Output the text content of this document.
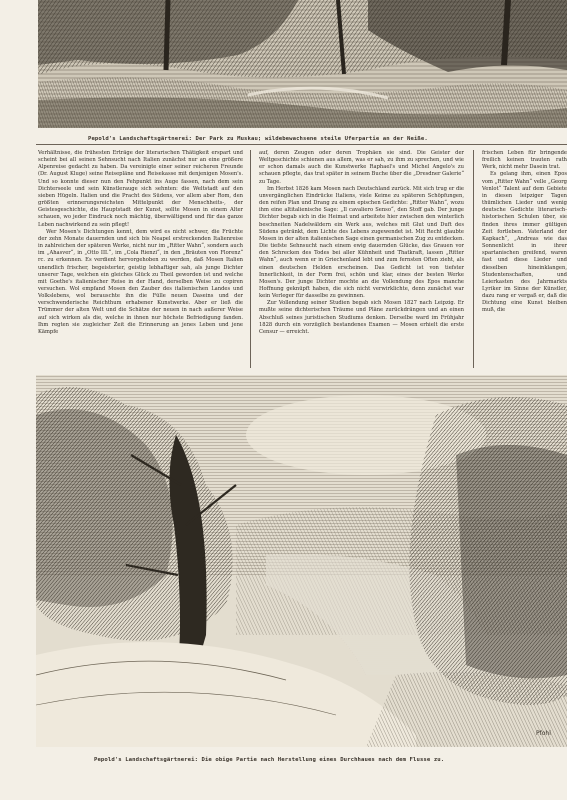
Pepold's Landschaftsgärtnerei: Der Park zu Muskau; wildebewachsene steile Uferpartie an der Neiße.

Verhältnisse, die frühesten Erträge der literarischen Thätigkeit erspart und scheint bei all seinen Sehnsucht nach Italien zunächst nur an eine größere Alpenreise gedacht zu haben. Da vereinigte einer seiner reicheren Freunde (Dr. August Kluge) seine Reisepläne und Reisekasse mit denjenigen Mosen's. Und so konnte dieser nun den Fehpunkt ins Auge fassen, nach dem sein Dichterseele und sein Künstlerauge sich sehnten: die Weltstadt auf den sieben Hügeln. Italien und die Pracht des Südens, vor allem aber Rom, den größten erinnerungsreichsten Mittelpunkt der Menschheits-, der Geistesgeschichte, die Hauptstadt der Kunst, sollte Mosen in einem Alter schauen, wo jeder Eindruck noch mächtig, überwältigend und für das ganze Leben nachwirkend zu sein pflegt!

Wer Mosen's Dichtungen kennt, dem wird es nicht schwer, die Früchte der zehn Monate dauernden und sich bis Neapel erstreckenden Italienreise in zahlreichen der späteren Werke, nicht nur im „Ritter Wahn“, sondern auch im „Ahasver“, in „Otto III.“, im „Cola Rienzi“, in den „Bräuten von Florenz“ rc. zu erkennen. Es verdient hervorgehoben zu werden, daß Mosen Italien unendlich frischer, begeisterter, geistig lebhaftiger sah, als junge Dichter unserer Tage, welchen ein gleiches Glück zu Theil geworden ist und welche mit Goethe's italienischer Reise in der Hand, derselben Weise zu copiren versuchen. Wol empfand Mosen den Zauber des italienischen Landes und Volkslebens, wol berauschte ihn die Fülle neuen Daseins und der verschwenderische Reichthum erhabener Kunstwerke. Aber er ließ die Trümmer der alten Welt und die Schätze der neuen in nach außerer Weise auf sich wirken als die, welche in ihnen nur höchste Befriedigung fanden. Ihm regten sie zugleicher Zeit die Erinnerung an jenes Leben und jene Kämpfe

auf, deren Zeugen oder deren Trophäen sie sind. Die Geister der Weltgeschichte schienen aus allem, was er sah, zu ihm zu sprechen, und wie er schon damals auch die Kunstwerke Raphael's und Michel Angelo's zu schauen pflegte, das trat später in seinem Buche über die „Dresdner Galerie“ zu Tage.

Im Herbst 1826 kam Mosen nach Deutschland zurück. Mit sich trug er die unvergänglichen Eindrücke Italiens, viele Keime zu späteren Schöpfungen, den reifen Plan und Drang zu einem epischen Gedichte: „Ritter Wahn“, wozu ihm eine altitalienische Sage: „Il cavaliero Senso“, den Stoff gab. Der junge Dichter begab sich in die Heimat und arbeitete hier zwischen den winterlich beschneiten Nadelwäldern ein Werk aus, welches mit Glut und Duft des Südens getränkt, dem Lichte des Lebens zugewendet ist. Mit Recht glaubte Mosen in der alten italienischen Sage einen germanischen Zug zu entdecken. Die tiefste Sehnsucht nach einem ewig dauernden Glücke, das Grauen vor den Schrecken des Todes bei aller Kühnheit und Thatkraft, lassen „Ritter Wahn“, auch wenn er in Griechenland lebt und zum fernsten Often zieht, als einen deutschen Helden erscheinen. Das Gedicht ist von tiefster Innerlichkeit, in der Form frei, schön und klar, eines der besten Werke Mosen's. Der junge Dichter mochte an die Vollendung des Epos manche Hoffnung geknüpft haben, die sich nicht verwirklichte, denn zunächst war kein Verleger für dasselbe zu gewinnen.

Zur Vollendung seiner Studien begab sich Mosen 1827 nach Leipzig. Er mußte seine dichterischen Träume und Pläne zurückdrängen und an einen Abschluß seines juristischen Studiums denken. Derselbe ward im Frühjahr 1828 durch ein vorzüglich bestandenes Examen — Mosen erhielt die erste Censur — erreicht.

frischen Leben für bringende freilich keinen trauten rath Werk, nicht mehr Dasein trat.

Es gelang ihm, einen Epos vom „Ritter Wahn“ velle „Georg Venlot“ Talent auf dem Gebiete in diesen leipziger Tagen thümlichen Lieder und wenig deutsche Gedichte literarisch-historischen Schulen über, sie finden ihres immer gültigen Zeit fortleben. Vaterland der Kapkach“, „Andreas wie das Sonnenlicht in ihrer spartanischen greifend, waren fast und diese Lieder und dieselben hineinklangen, Studentenschaften, und Leierkasten des Jahrmarkts Lyriker im Sinne der Künstler, dazu rang er vergaß er, daß die Dichtung eine Kunst bleiben muß, die

Pfohl
Pepold's Landschaftsgärtnerei: Die obige Partie nach Herstellung eines Durchhaues nach dem Flusse zu.
